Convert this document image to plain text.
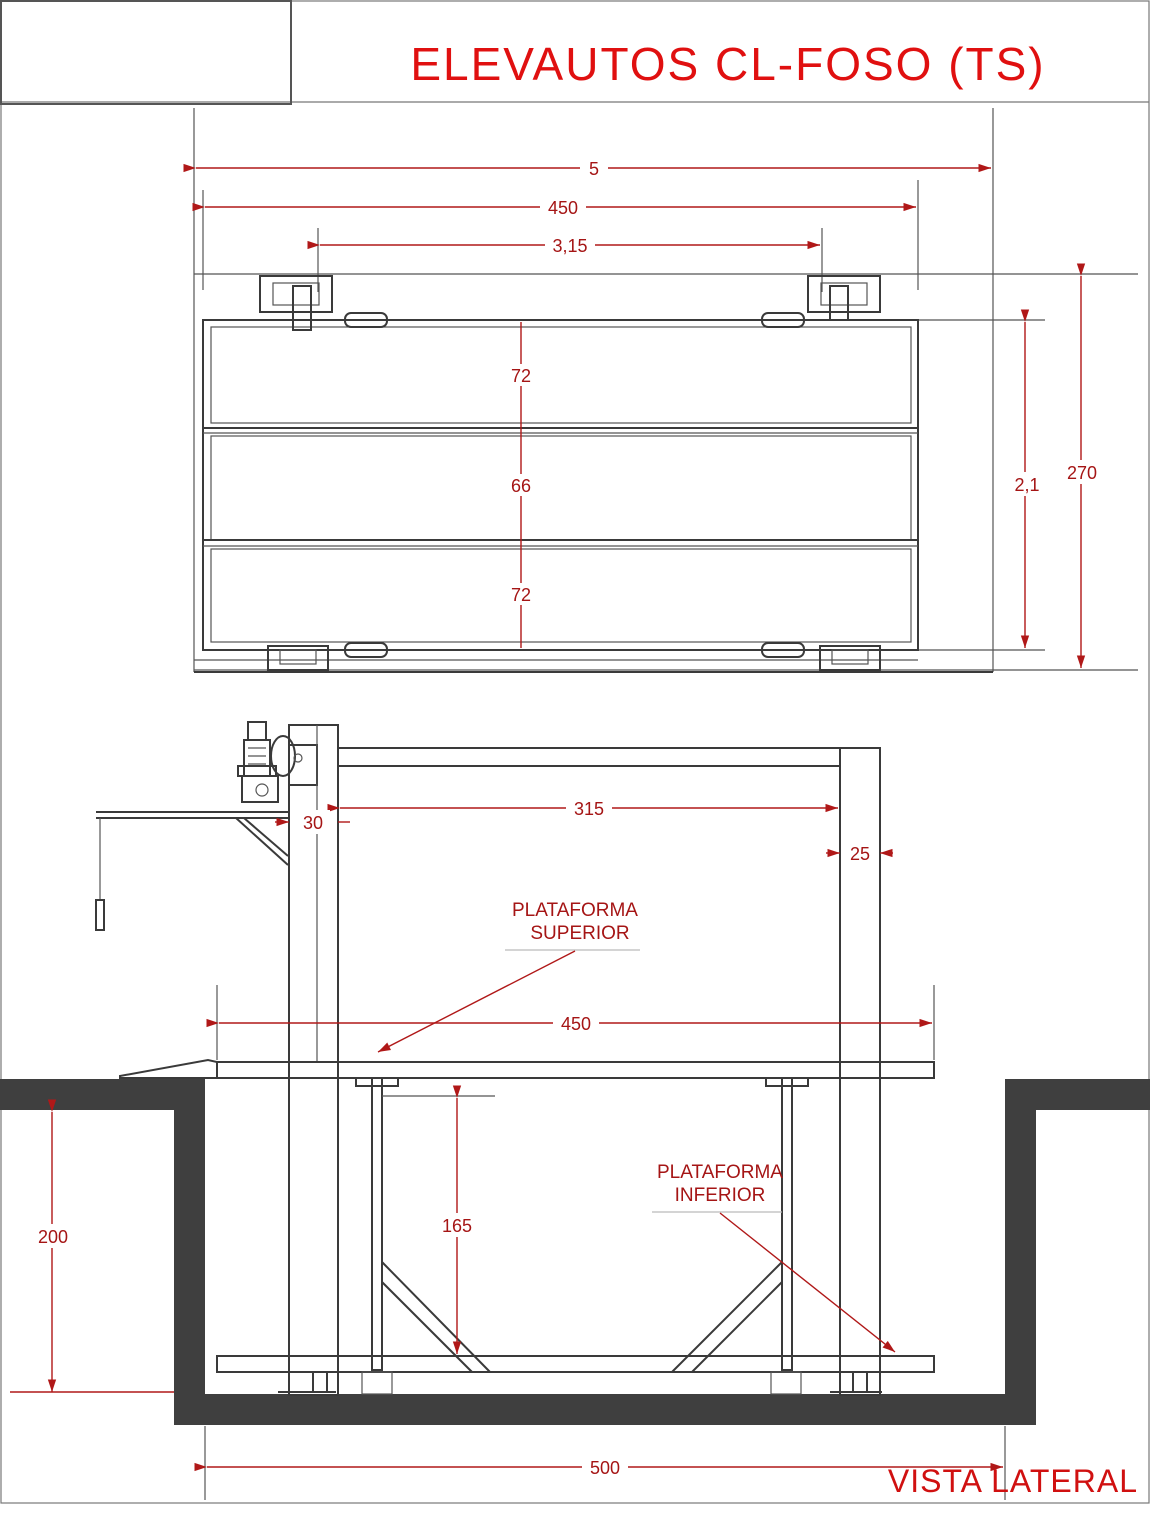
ELEVAUTOS CL-FOSO (TS)
5
450
3,15
72
66
72
2,1
270
315
30
25
450
165
200
500
PLATAFORMA
SUPERIOR
PLATAFORMA
INFERIOR
VISTA LATERAL
